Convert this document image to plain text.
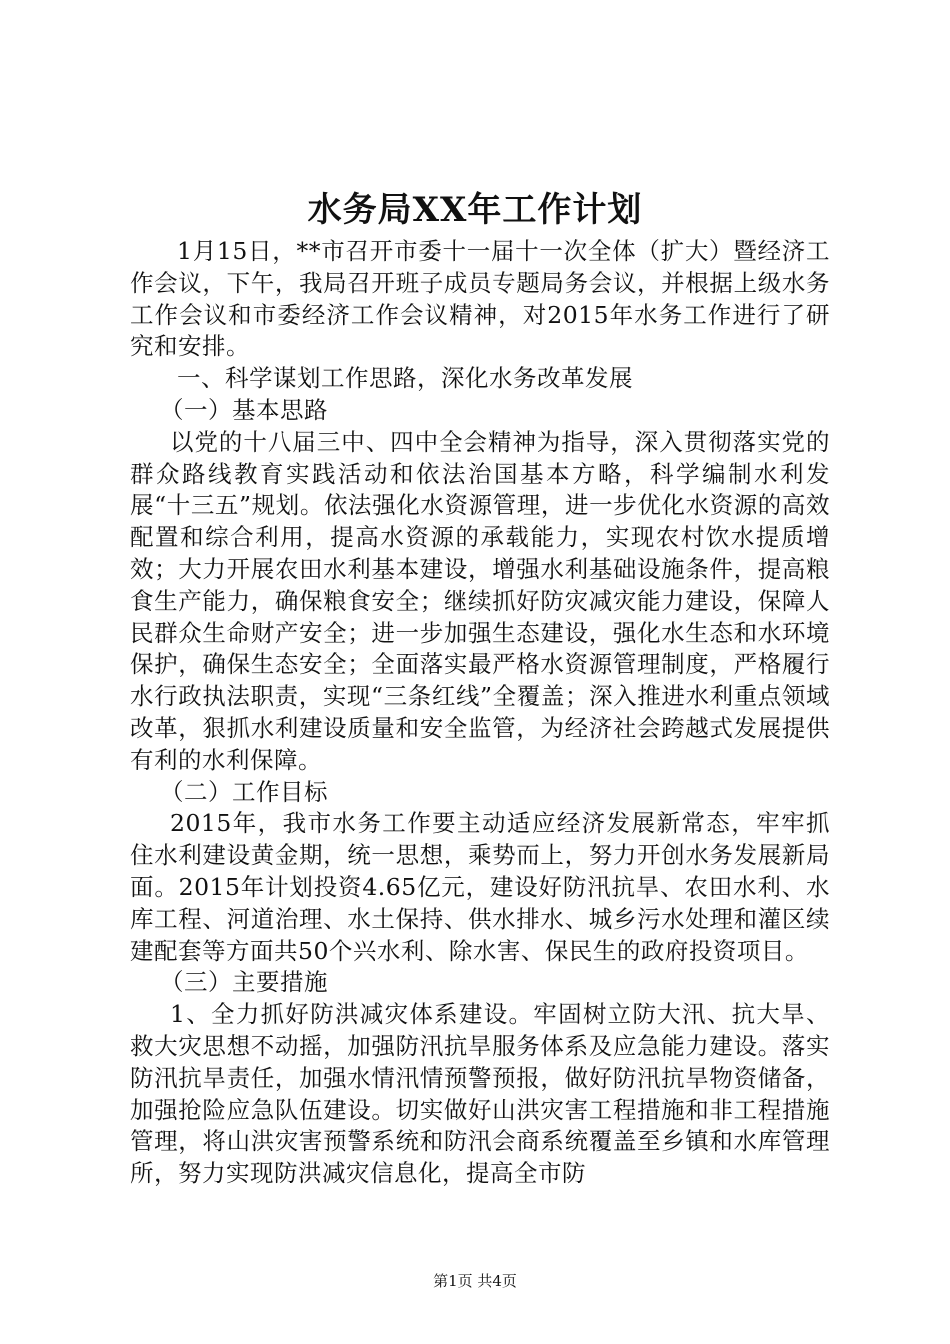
水务局XX年工作计划

1月15日，**市召开市委十一届十一次全体（扩大）暨经济工作会议，下午，我局召开班子成员专题局务会议，并根据上级水务工作会议和市委经济工作会议精神，对2015年水务工作进行了研究和安排。

一、科学谋划工作思路，深化水务改革发展

（一）基本思路

以党的十八届三中、四中全会精神为指导，深入贯彻落实党的群众路线教育实践活动和依法治国基本方略，科学编制水利发展“十三五”规划。依法强化水资源管理，进一步优化水资源的高效配置和综合利用，提高水资源的承载能力，实现农村饮水提质增效；大力开展农田水利基本建设，增强水利基础设施条件，提高粮食生产能力，确保粮食安全；继续抓好防灾减灾能力建设，保障人民群众生命财产安全；进一步加强生态建设，强化水生态和水环境保护，确保生态安全；全面落实最严格水资源管理制度，严格履行水行政执法职责，实现“三条红线”全覆盖；深入推进水利重点领域改革，狠抓水利建设质量和安全监管，为经济社会跨越式发展提供有利的水利保障。

（二）工作目标

2015年，我市水务工作要主动适应经济发展新常态，牢牢抓住水利建设黄金期，统一思想，乘势而上，努力开创水务发展新局面。2015年计划投资4.65亿元，建设好防汛抗旱、农田水利、水库工程、河道治理、水土保持、供水排水、城乡污水处理和灌区续建配套等方面共50个兴水利、除水害、保民生的政府投资项目。

（三）主要措施

1、全力抓好防洪减灾体系建设。牢固树立防大汛、抗大旱、救大灾思想不动摇，加强防汛抗旱服务体系及应急能力建设。落实防汛抗旱责任，加强水情汛情预警预报，做好防汛抗旱物资储备，加强抢险应急队伍建设。切实做好山洪灾害工程措施和非工程措施管理，将山洪灾害预警系统和防汛会商系统覆盖至乡镇和水库管理所，努力实现防洪减灾信息化，提高全市防

第1页 共4页
